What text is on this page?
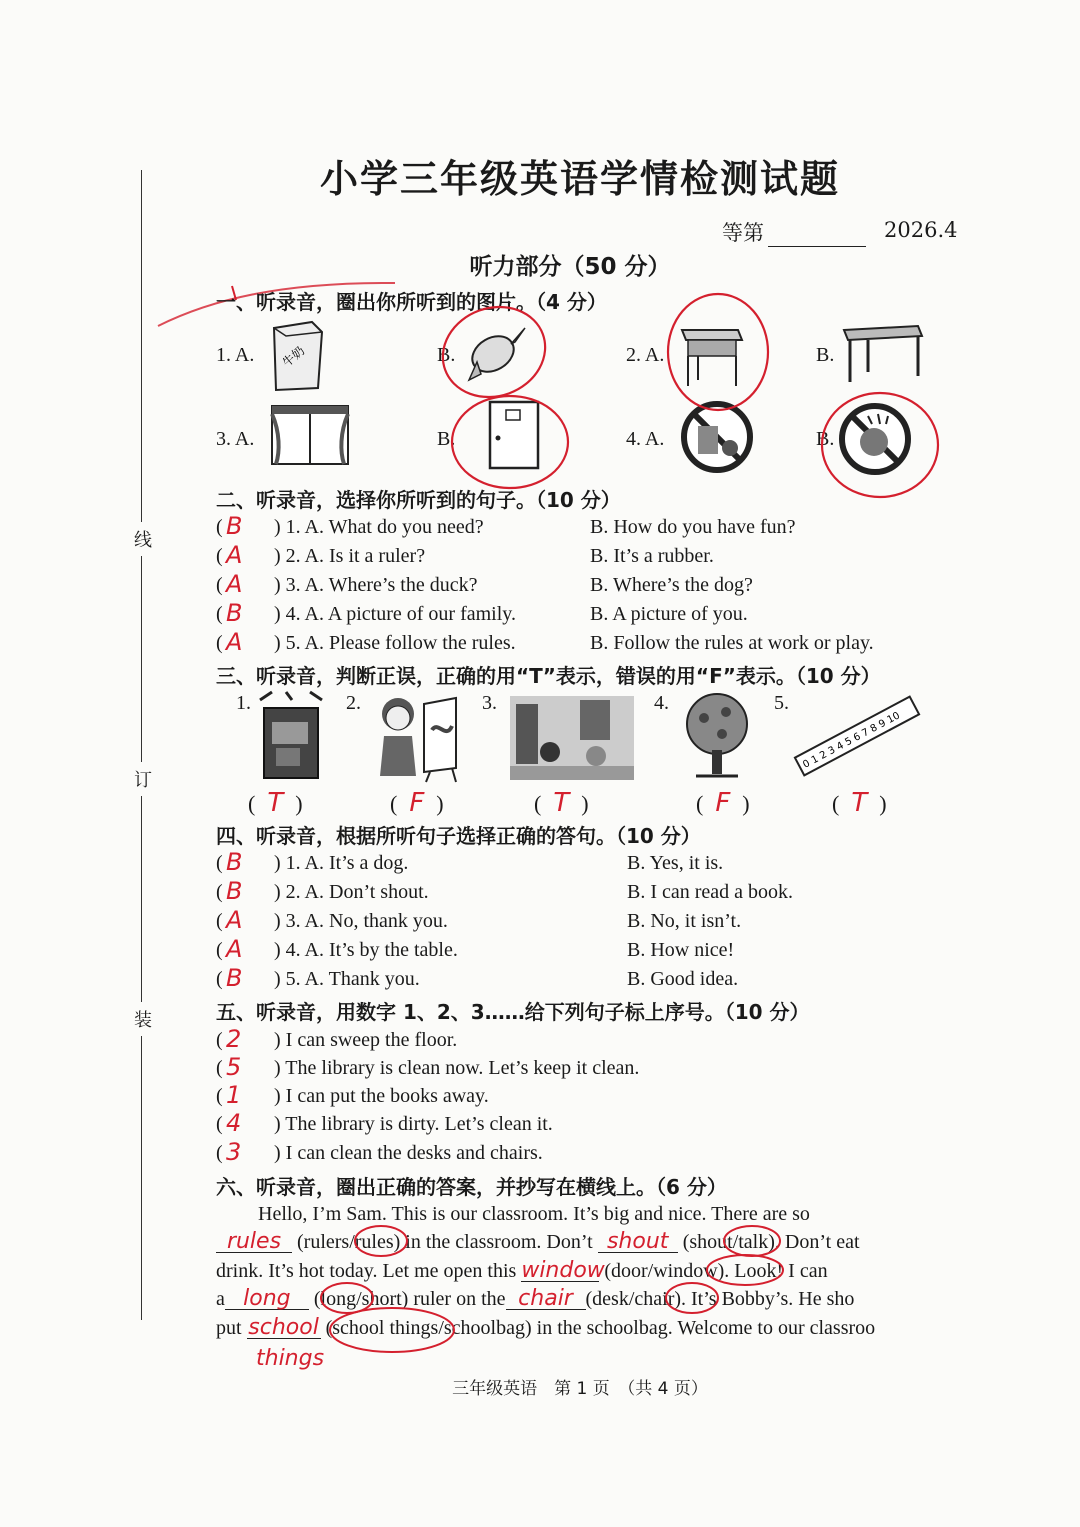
线
订
装
小学三年级英语学情检测试题
等第	2026.4
听力部分（50 分）
一、听录音，圈出你所听到的图片。（4 分）
1. A.	B.	2. A.	B.
3. A.	B.	4. A.	B.
牛奶
二、听录音，选择你所听到的句子。（10 分）
( B ) 1. A. What do you need?	B. How do you have fun?
( A ) 2. A. Is it a ruler?	B. It’s a rubber.
( A ) 3. A. Where’s the duck?	B. Where’s the dog?
( B ) 4. A. A picture of our family.	B. A picture of you.
( A ) 5. A. Please follow the rules.	B. Follow the rules at work or play.
三、听录音，判断正误，正确的用“T”表示，错误的用“F”表示。（10 分）
1.	2.	3.	4.	5.
0 1 2 3 4 5 6 7 8 9 10
( T )	( F )	( T )	( F )	( T )
四、听录音，根据所听句子选择正确的答句。（10 分）
( B ) 1. A. It’s a dog.	B. Yes, it is.
( B ) 2. A. Don’t shout.	B. I can read a book.
( A ) 3. A. No, thank you.	B. No, it isn’t.
( A ) 4. A. It’s by the table.	B. How nice!
( B ) 5. A. Thank you.	B. Good idea.
五、听录音，用数字 1、2、3……给下列句子标上序号。（10 分）
( 2 ) I can sweep the floor.
( 5 ) The library is clean now. Let’s keep it clean.
( 1 ) I can put the books away.
( 4 ) The library is dirty. Let’s clean it.
( 3 ) I can clean the desks and chairs.
六、听录音，圈出正确的答案，并抄写在横线上。（6 分）
Hello, I’m Sam. This is our classroom. It’s big and nice. There are so
rules (rulers/rules) in the classroom. Don’t shout (shout/talk). Don’t eat
drink. It’s hot today. Let me open this window (door/window). Look! I can
a long (long/short) ruler on the chair (desk/chair). It’s Bobby’s. He sho
put school (school things/schoolbag) in the schoolbag. Welcome to our classroo
things
三年级英语　第 1 页　（共 4 页）
